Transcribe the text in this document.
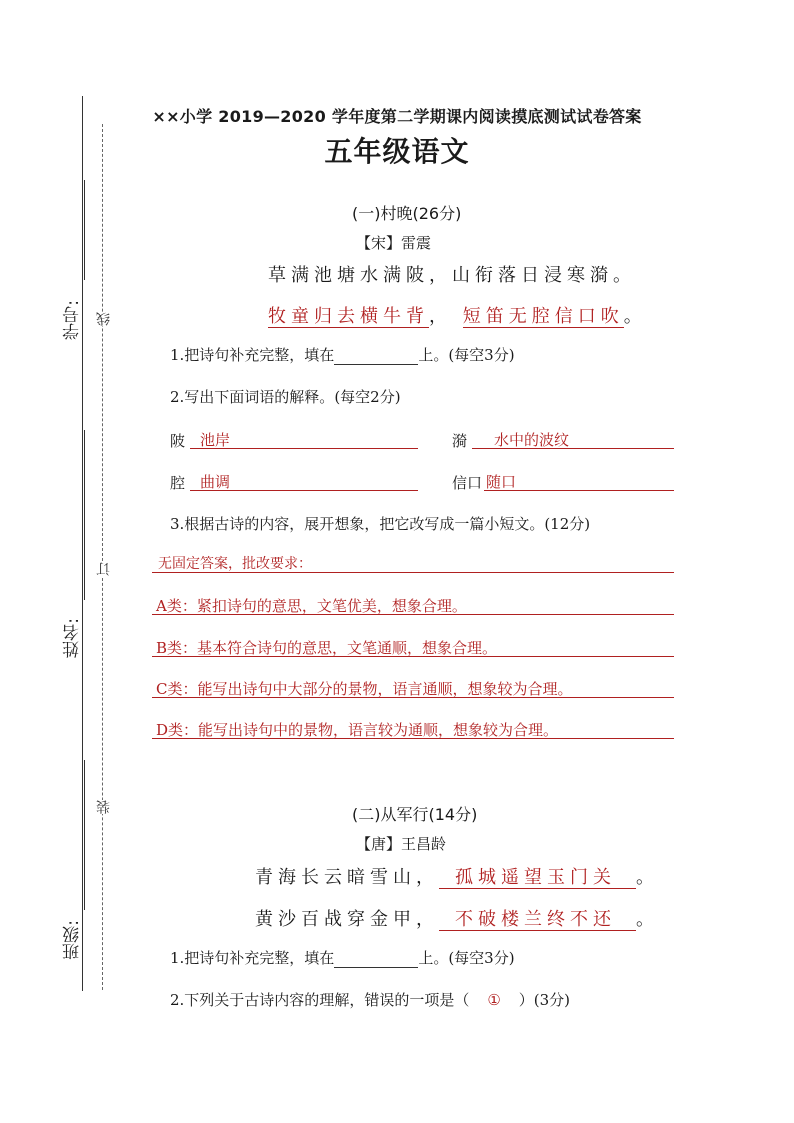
学号:
姓名:
班级:
线
订
装
××小学 2019—2020 学年度第二学期课内阅读摸底测试试卷答案
五年级语文
(一)村晚(26分)
【宋】雷震
草满池塘水满陂，山衔落日浸寒漪。
牧童归去横牛背， 短笛无腔信口吹。
1.把诗句补充完整，填在	上。(每空3分)
2.写出下面词语的解释。(每空2分)
陂 池岸	漪 水中的波纹
腔 曲调	信口 随口
3.根据古诗的内容，展开想象，把它改写成一篇小短文。(12分)
无固定答案，批改要求：
A类：紧扣诗句的意思，文笔优美，想象合理。
B类：基本符合诗句的意思，文笔通顺，想象合理。
C类：能写出诗句中大部分的景物，语言通顺，想象较为合理。
D类：能写出诗句中的景物，语言较为通顺，想象较为合理。
(二)从军行(14分)
【唐】王昌龄
青海长云暗雪山， 孤城遥望玉门关 。
黄沙百战穿金甲， 不破楼兰终不还 。
1.把诗句补充完整，填在	上。(每空3分)
2.下列关于古诗内容的理解，错误的一项是（ ① ）(3分)
